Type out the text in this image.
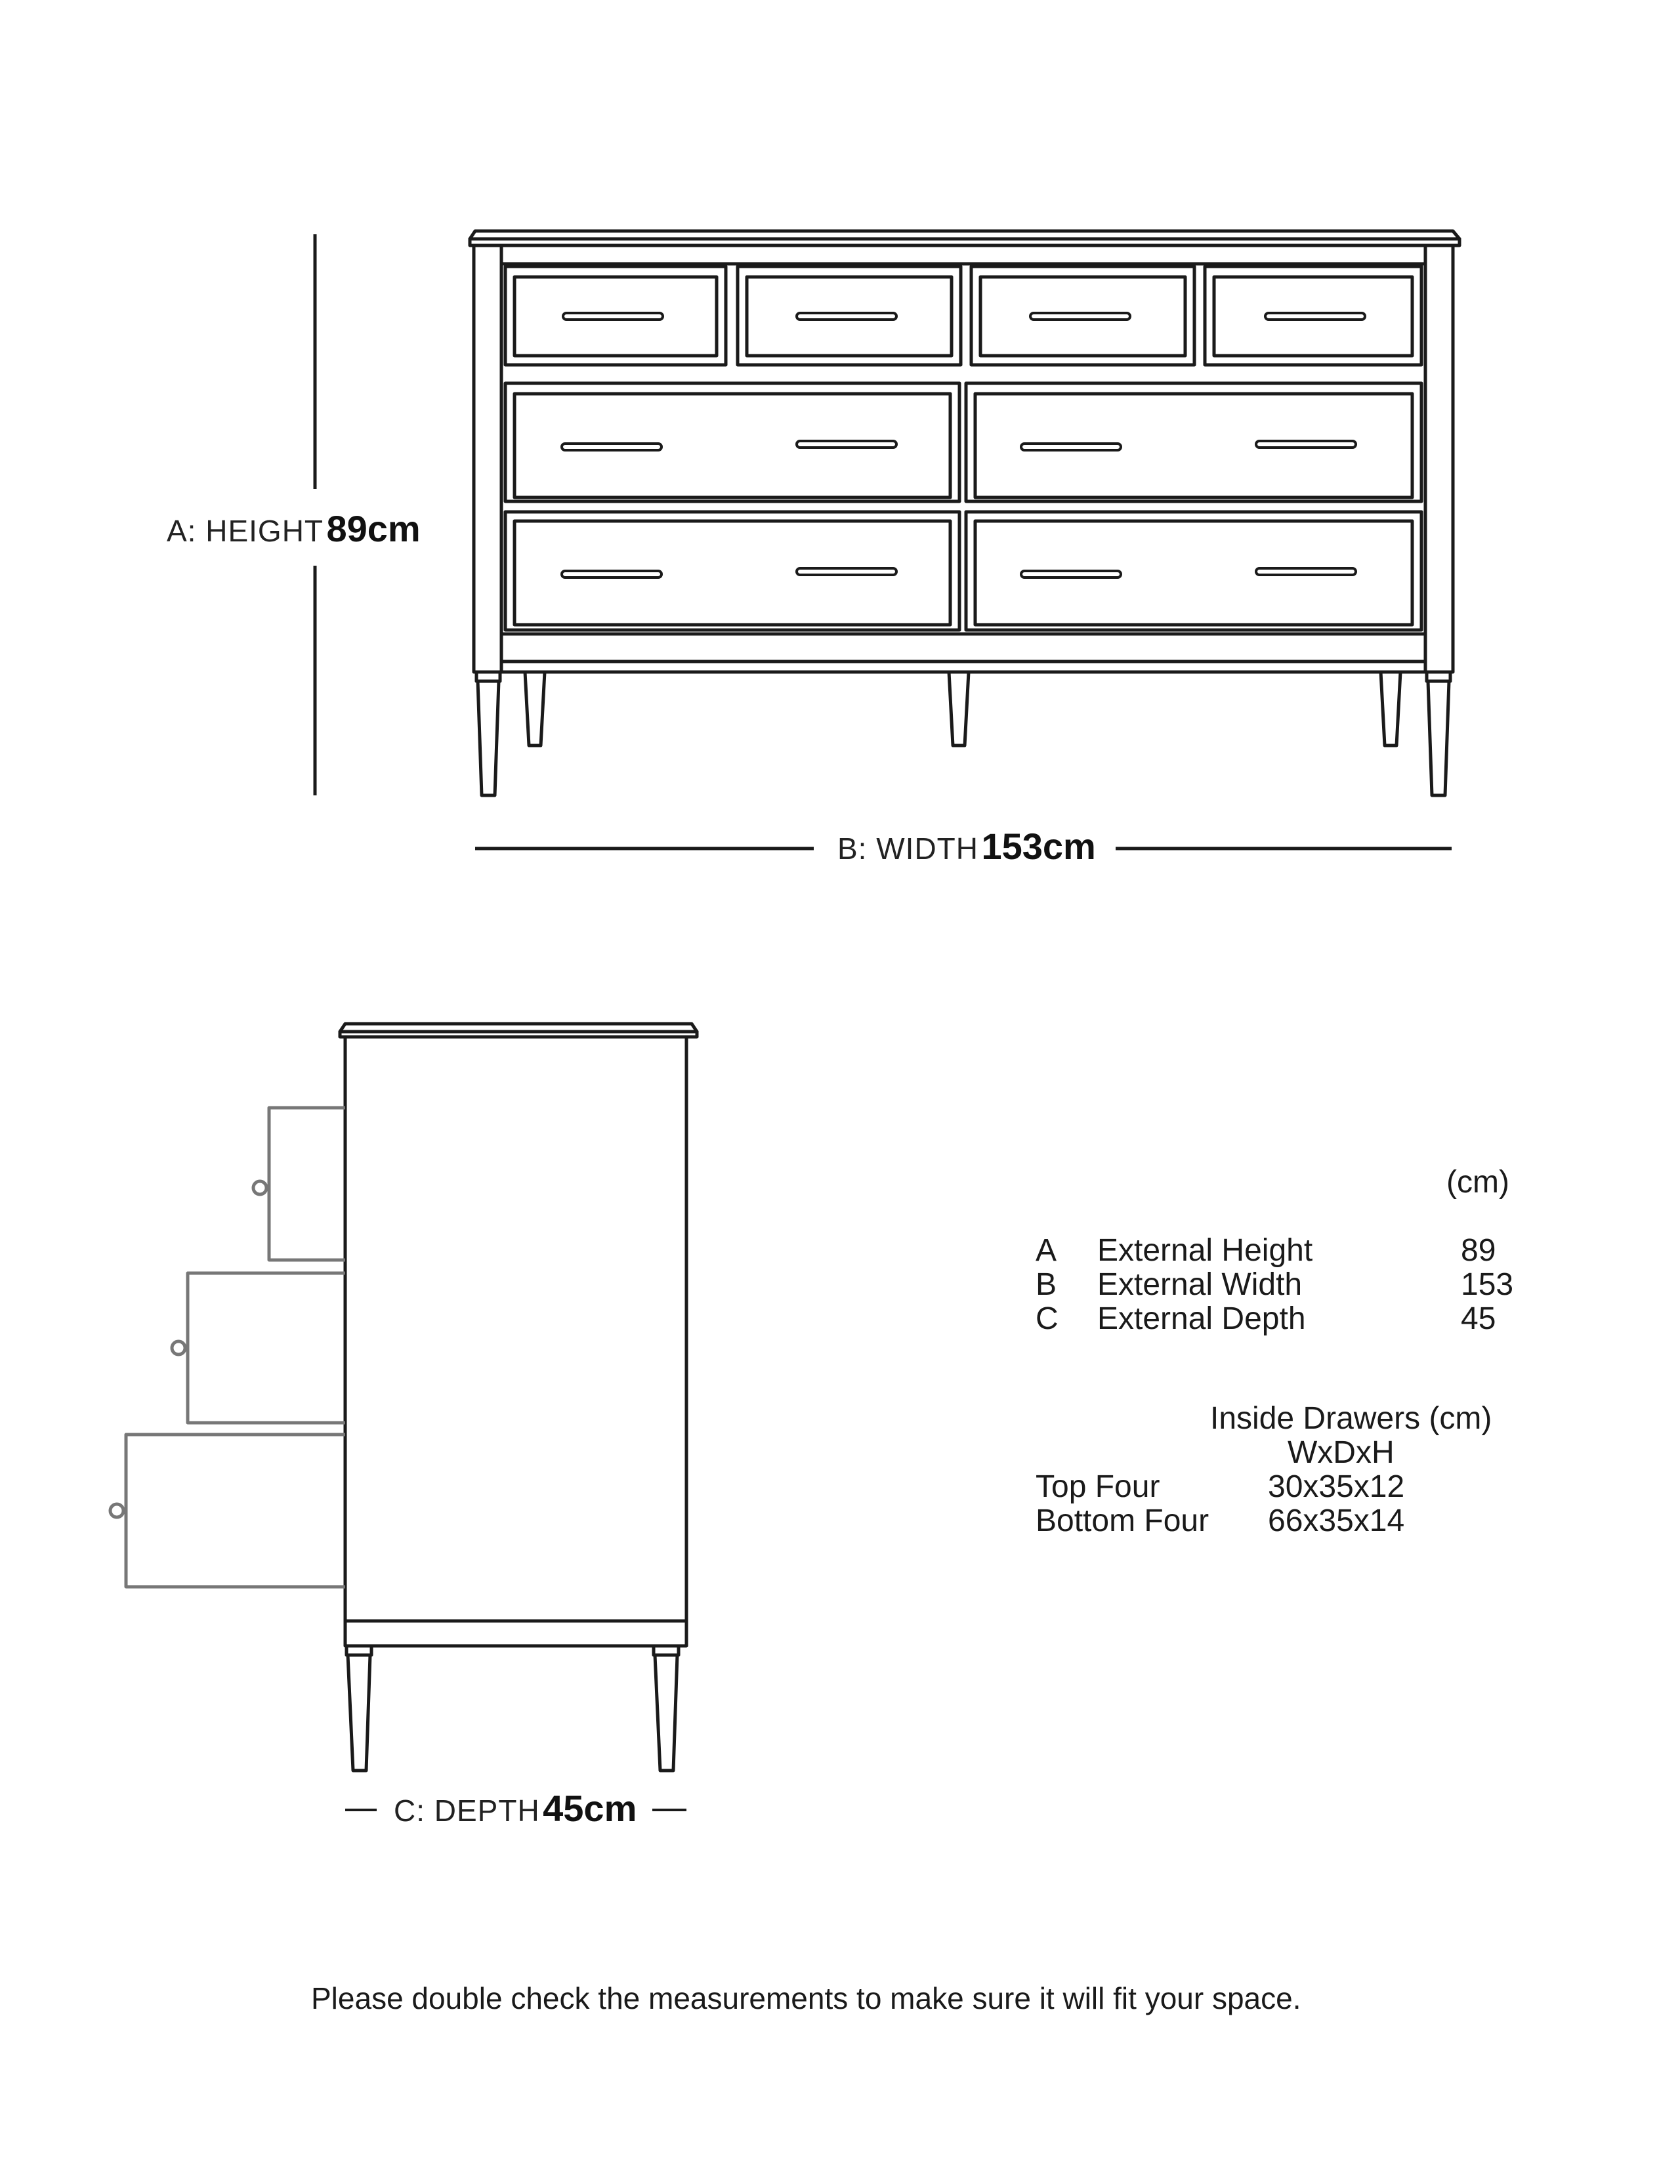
A: HEIGHT 89cm
B: WIDTH 153cm
C: DEPTH 45cm
(cm)
A External Height	89
B External Width	153
C External Depth	45
Inside Drawers (cm)
WxDxH
Top Four	30x35x12
Bottom Four 66x35x14
Please double check the measurements to make sure it will fit your space.
